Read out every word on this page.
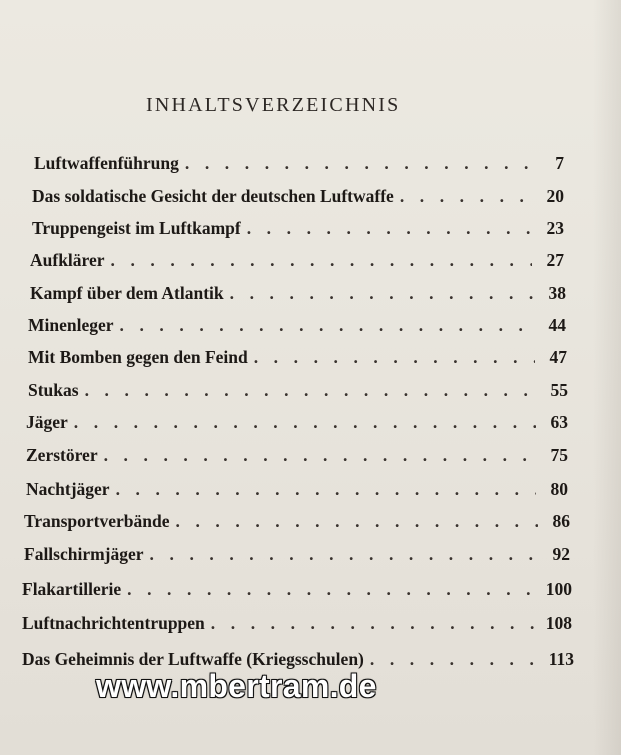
INHALTSVERZEICHNIS
Luftwaffenführung . . .	7
Das soldatische Gesicht der deutschen Luftwaffe . . .	20
Truppengeist im Luftkampf . . .	23
Aufklärer . . .	27
Kampf über dem Atlantik . . .	38
Minenleger . . .	44
Mit Bomben gegen den Feind . . .	47
Stukas . . .	55
Jäger . . .	63
Zerstörer . . .	75
Nachtjäger . . .	80
Transportverbände . . .	86
Fallschirmjäger . . .	92
Flakartillerie . . .	100
Luftnachrichtentruppen . . .	108
Das Geheimnis der Luftwaffe (Kriegsschulen) . . .	113
www.mbertram.de
